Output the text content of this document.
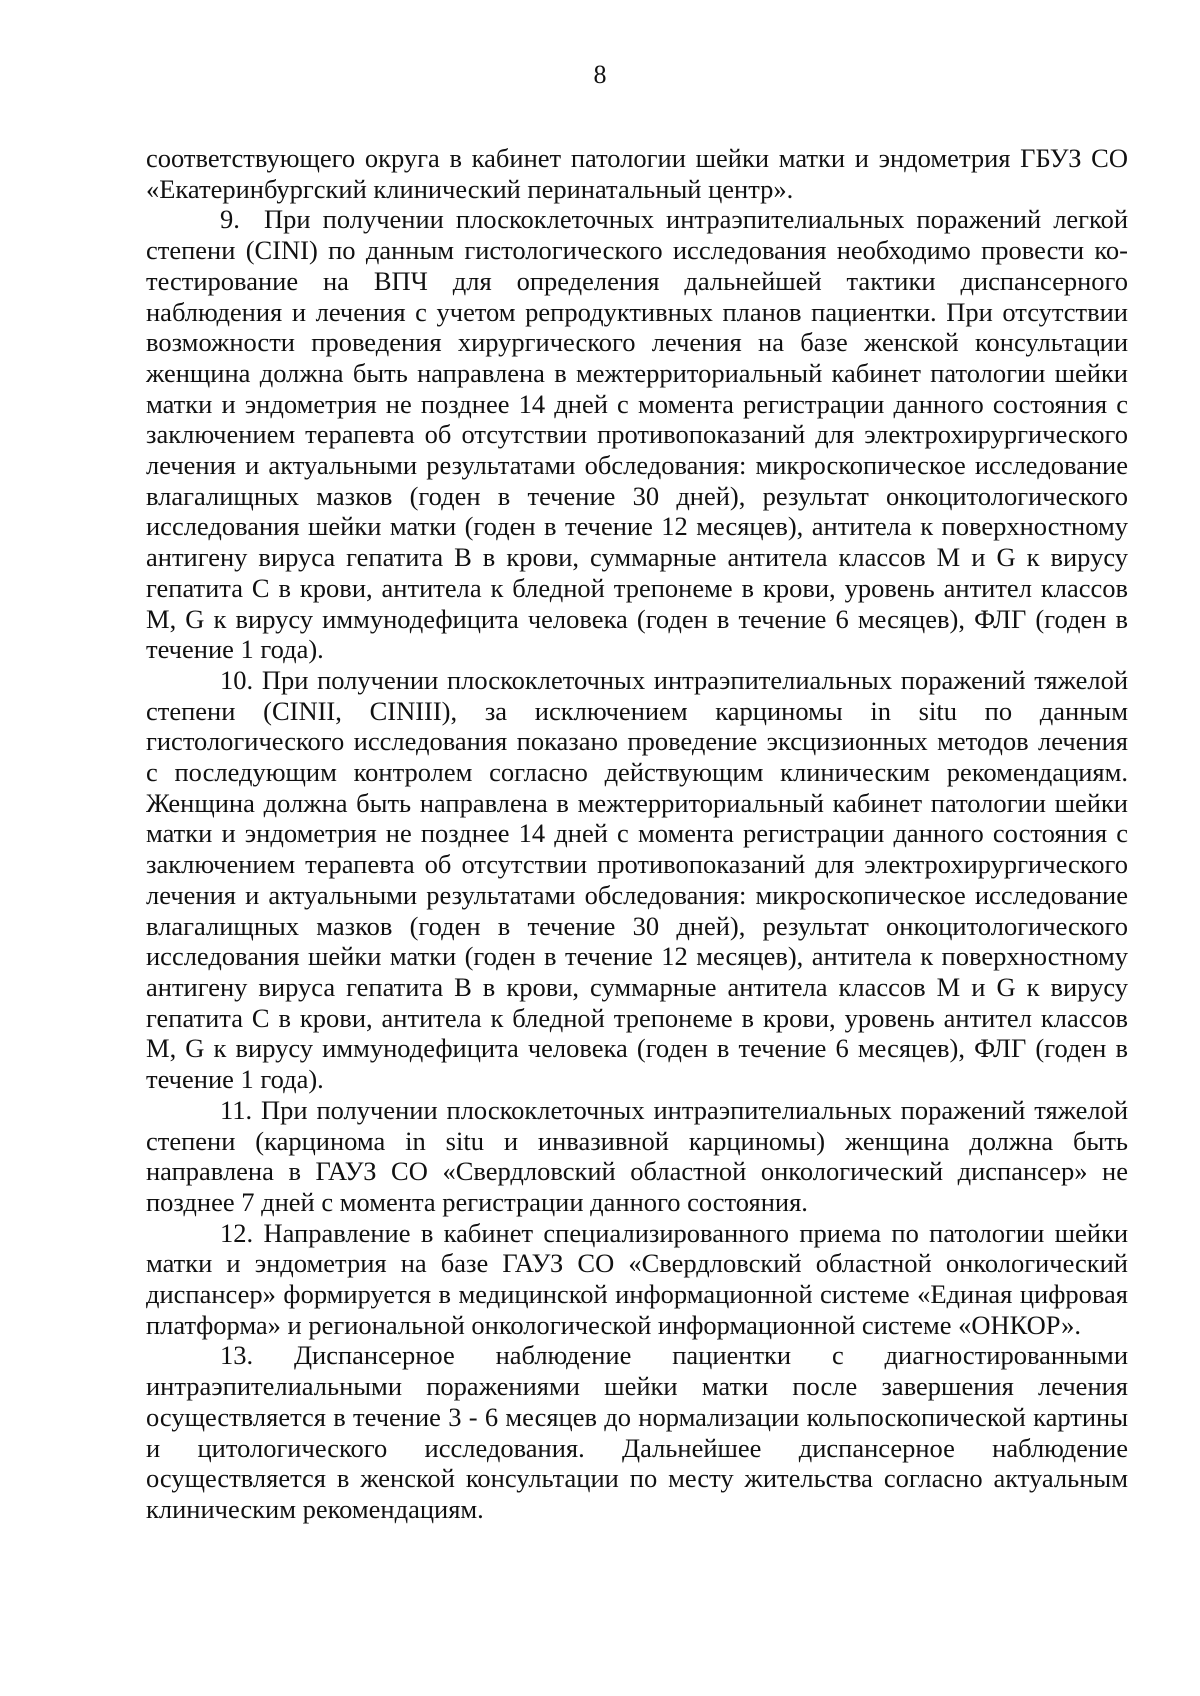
8

соответствующего округа в кабинет патологии шейки матки и эндометрия ГБУЗ СО «Екатеринбургский клинический перинатальный центр».

9. При получении плоскоклеточных интраэпителиальных поражений легкой степени (CINI) по данным гистологического исследования необходимо провести ко-тестирование на ВПЧ для определения дальнейшей тактики диспансерного наблюдения и лечения с учетом репродуктивных планов пациентки. При отсутствии возможности проведения хирургического лечения на базе женской консультации женщина должна быть направлена в межтерриториальный кабинет патологии шейки матки и эндометрия не позднее 14 дней с момента регистрации данного состояния с заключением терапевта об отсутствии противопоказаний для электрохирургического лечения и актуальными результатами обследования: микроскопическое исследование влагалищных мазков (годен в течение 30 дней), результат онкоцитологического исследования шейки матки (годен в течение 12 месяцев), антитела к поверхностному антигену вируса гепатита В в крови, суммарные антитела классов M и G к вирусу гепатита С в крови, антитела к бледной трепонеме в крови, уровень антител классов M, G к вирусу иммунодефицита человека (годен в течение 6 месяцев), ФЛГ (годен в течение 1 года).

10. При получении плоскоклеточных интраэпителиальных поражений тяжелой степени (CINII, CINIII), за исключением карциномы in situ по данным гистологического исследования показано проведение эксцизионных методов лечения с последующим контролем согласно действующим клиническим рекомендациям. Женщина должна быть направлена в межтерриториальный кабинет патологии шейки матки и эндометрия не позднее 14 дней с момента регистрации данного состояния с заключением терапевта об отсутствии противопоказаний для электрохирургического лечения и актуальными результатами обследования: микроскопическое исследование влагалищных мазков (годен в течение 30 дней), результат онкоцитологического исследования шейки матки (годен в течение 12 месяцев), антитела к поверхностному антигену вируса гепатита В в крови, суммарные антитела классов M и G к вирусу гепатита С в крови, антитела к бледной трепонеме в крови, уровень антител классов M, G к вирусу иммунодефицита человека (годен в течение 6 месяцев), ФЛГ (годен в течение 1 года).

11. При получении плоскоклеточных интраэпителиальных поражений тяжелой степени (карцинома in situ и инвазивной карциномы) женщина должна быть направлена в ГАУЗ СО «Свердловский областной онкологический диспансер» не позднее 7 дней с момента регистрации данного состояния.

12. Направление в кабинет специализированного приема по патологии шейки матки и эндометрия на базе ГАУЗ СО «Свердловский областной онкологический диспансер» формируется в медицинской информационной системе «Единая цифровая платформа» и региональной онкологической информационной системе «ОНКОР».

13. Диспансерное наблюдение пациентки с диагностированными интраэпителиальными поражениями шейки матки после завершения лечения осуществляется в течение 3 - 6 месяцев до нормализации кольпоскопической картины и цитологического исследования. Дальнейшее диспансерное наблюдение осуществляется в женской консультации по месту жительства согласно актуальным клиническим рекомендациям.
